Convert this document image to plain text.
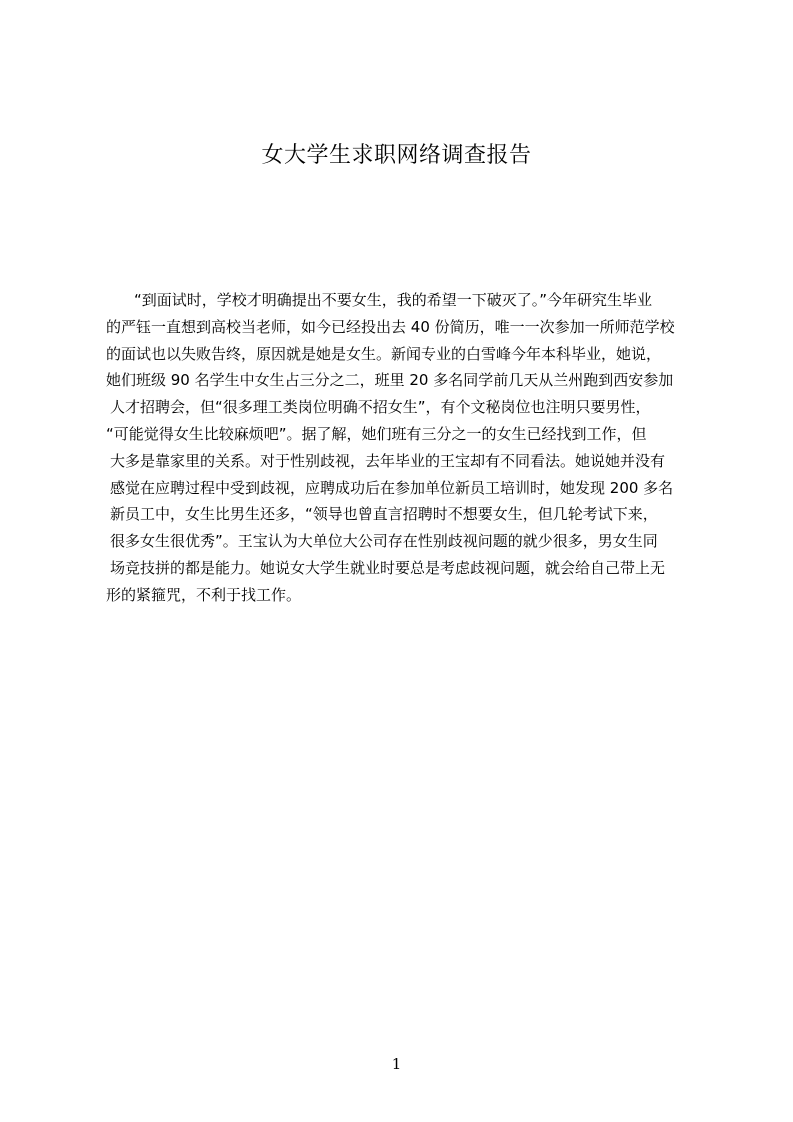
女大学生求职网络调查报告
“到面试时，学校才明确提出不要女生，我的希望一下破灭了。”今年研究生毕业
的严钰一直想到高校当老师，如今已经投出去 40 份简历，唯一一次参加一所师范学校
的面试也以失败告终，原因就是她是女生。新闻专业的白雪峰今年本科毕业，她说，
她们班级 90 名学生中女生占三分之二，班里 20 多名同学前几天从兰州跑到西安参加
人才招聘会，但“很多理工类岗位明确不招女生”，有个文秘岗位也注明只要男性，
“可能觉得女生比较麻烦吧”。据了解，她们班有三分之一的女生已经找到工作，但
大多是靠家里的关系。对于性别歧视，去年毕业的王宝却有不同看法。她说她并没有
感觉在应聘过程中受到歧视，应聘成功后在参加单位新员工培训时，她发现 200 多名
新员工中，女生比男生还多，“领导也曾直言招聘时不想要女生，但几轮考试下来，
很多女生很优秀”。王宝认为大单位大公司存在性别歧视问题的就少很多，男女生同
场竞技拼的都是能力。她说女大学生就业时要总是考虑歧视问题，就会给自己带上无
形的紧箍咒，不利于找工作。
1
